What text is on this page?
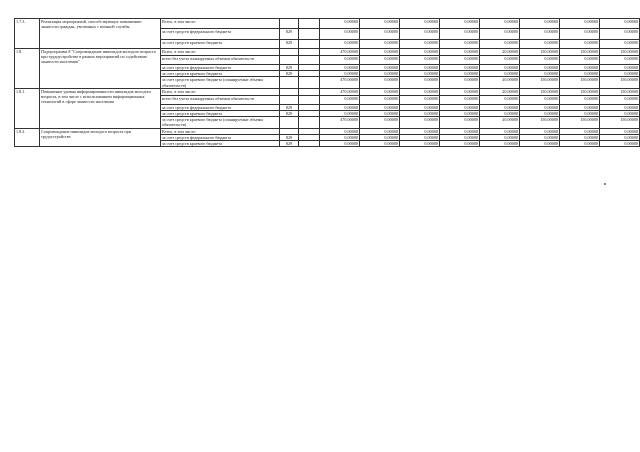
1.7.3.	Реализация мероприятий, способствующих повышению занятости граждан, уволенных с военной службы	Всего, в том числе:			0,00000	0,00000	0,00000	0,00000	0,00000	0,00000	0,00000	0,00000
		за счет средств федерального бюджета	829		0,00000	0,00000	0,00000	0,00000	0,00000	0,00000	0,00000	0,00000
		за счет средств краевого бюджета	829		0,00000	0,00000	0,00000	0,00000	0,00000	0,00000	0,00000	0,00000
1.8.	Подпрограмма 8 "Сопровождение инвалидов молодого возраста при трудоустройстве в рамках мероприятий по содействию занятости населения"	Всего, в том числе:			470,00000	0,00000	0,00000	0,00000	20,00000	150,00000	150,00000	150,00000
		всего без учета планируемых объемов обязательств			0,00000	0,00000	0,00000	0,00000	0,00000	0,00000	0,00000	0,00000
		за счет средств федерального бюджета	829		0,00000	0,00000	0,00000	0,00000	0,00000	0,00000	0,00000	0,00000
		за счет средств краевого бюджета	829		0,00000	0,00000	0,00000	0,00000	0,00000	0,00000	0,00000	0,00000
		за счет средств краевого бюджета (планируемые объемы обязательств)			470,00000	0,00000	0,00000	0,00000	20,00000	150,00000	150,00000	150,00000
1.8.1.	Повышение уровня информированности инвалидов молодого возраста, в том числе с использованием информационных технологий в сфере занятости населения	Всего, в том числе:			470,00000	0,00000	0,00000	0,00000	20,00000	150,00000	150,00000	150,00000
		всего без учета планируемых объемов обязательств			0,00000	0,00000	0,00000	0,00000	0,00000	0,00000	0,00000	0,00000
		за счет средств федерального бюджета	829		0,00000	0,00000	0,00000	0,00000	0,00000	0,00000	0,00000	0,00000
		за счет средств краевого бюджета	829		0,00000	0,00000	0,00000	0,00000	0,00000	0,00000	0,00000	0,00000
		за счет средств краевого бюджета (планируемые объемы обязательств)			470,00000	0,00000	0,00000	0,00000	20,00000	150,00000	150,00000	150,00000
1.8.2.	Сопровождение инвалидов молодого возраста при трудоустройстве	Всего, в том числе:			0,00000	0,00000	0,00000	0,00000	0,00000	0,00000	0,00000	0,00000
		за счет средств федерального бюджета	829		0,00000	0,00000	0,00000	0,00000	0,00000	0,00000	0,00000	0,00000
		за счет средств краевого бюджета	829		0,00000	0,00000	0,00000	0,00000	0,00000	0,00000	0,00000	0,00000
